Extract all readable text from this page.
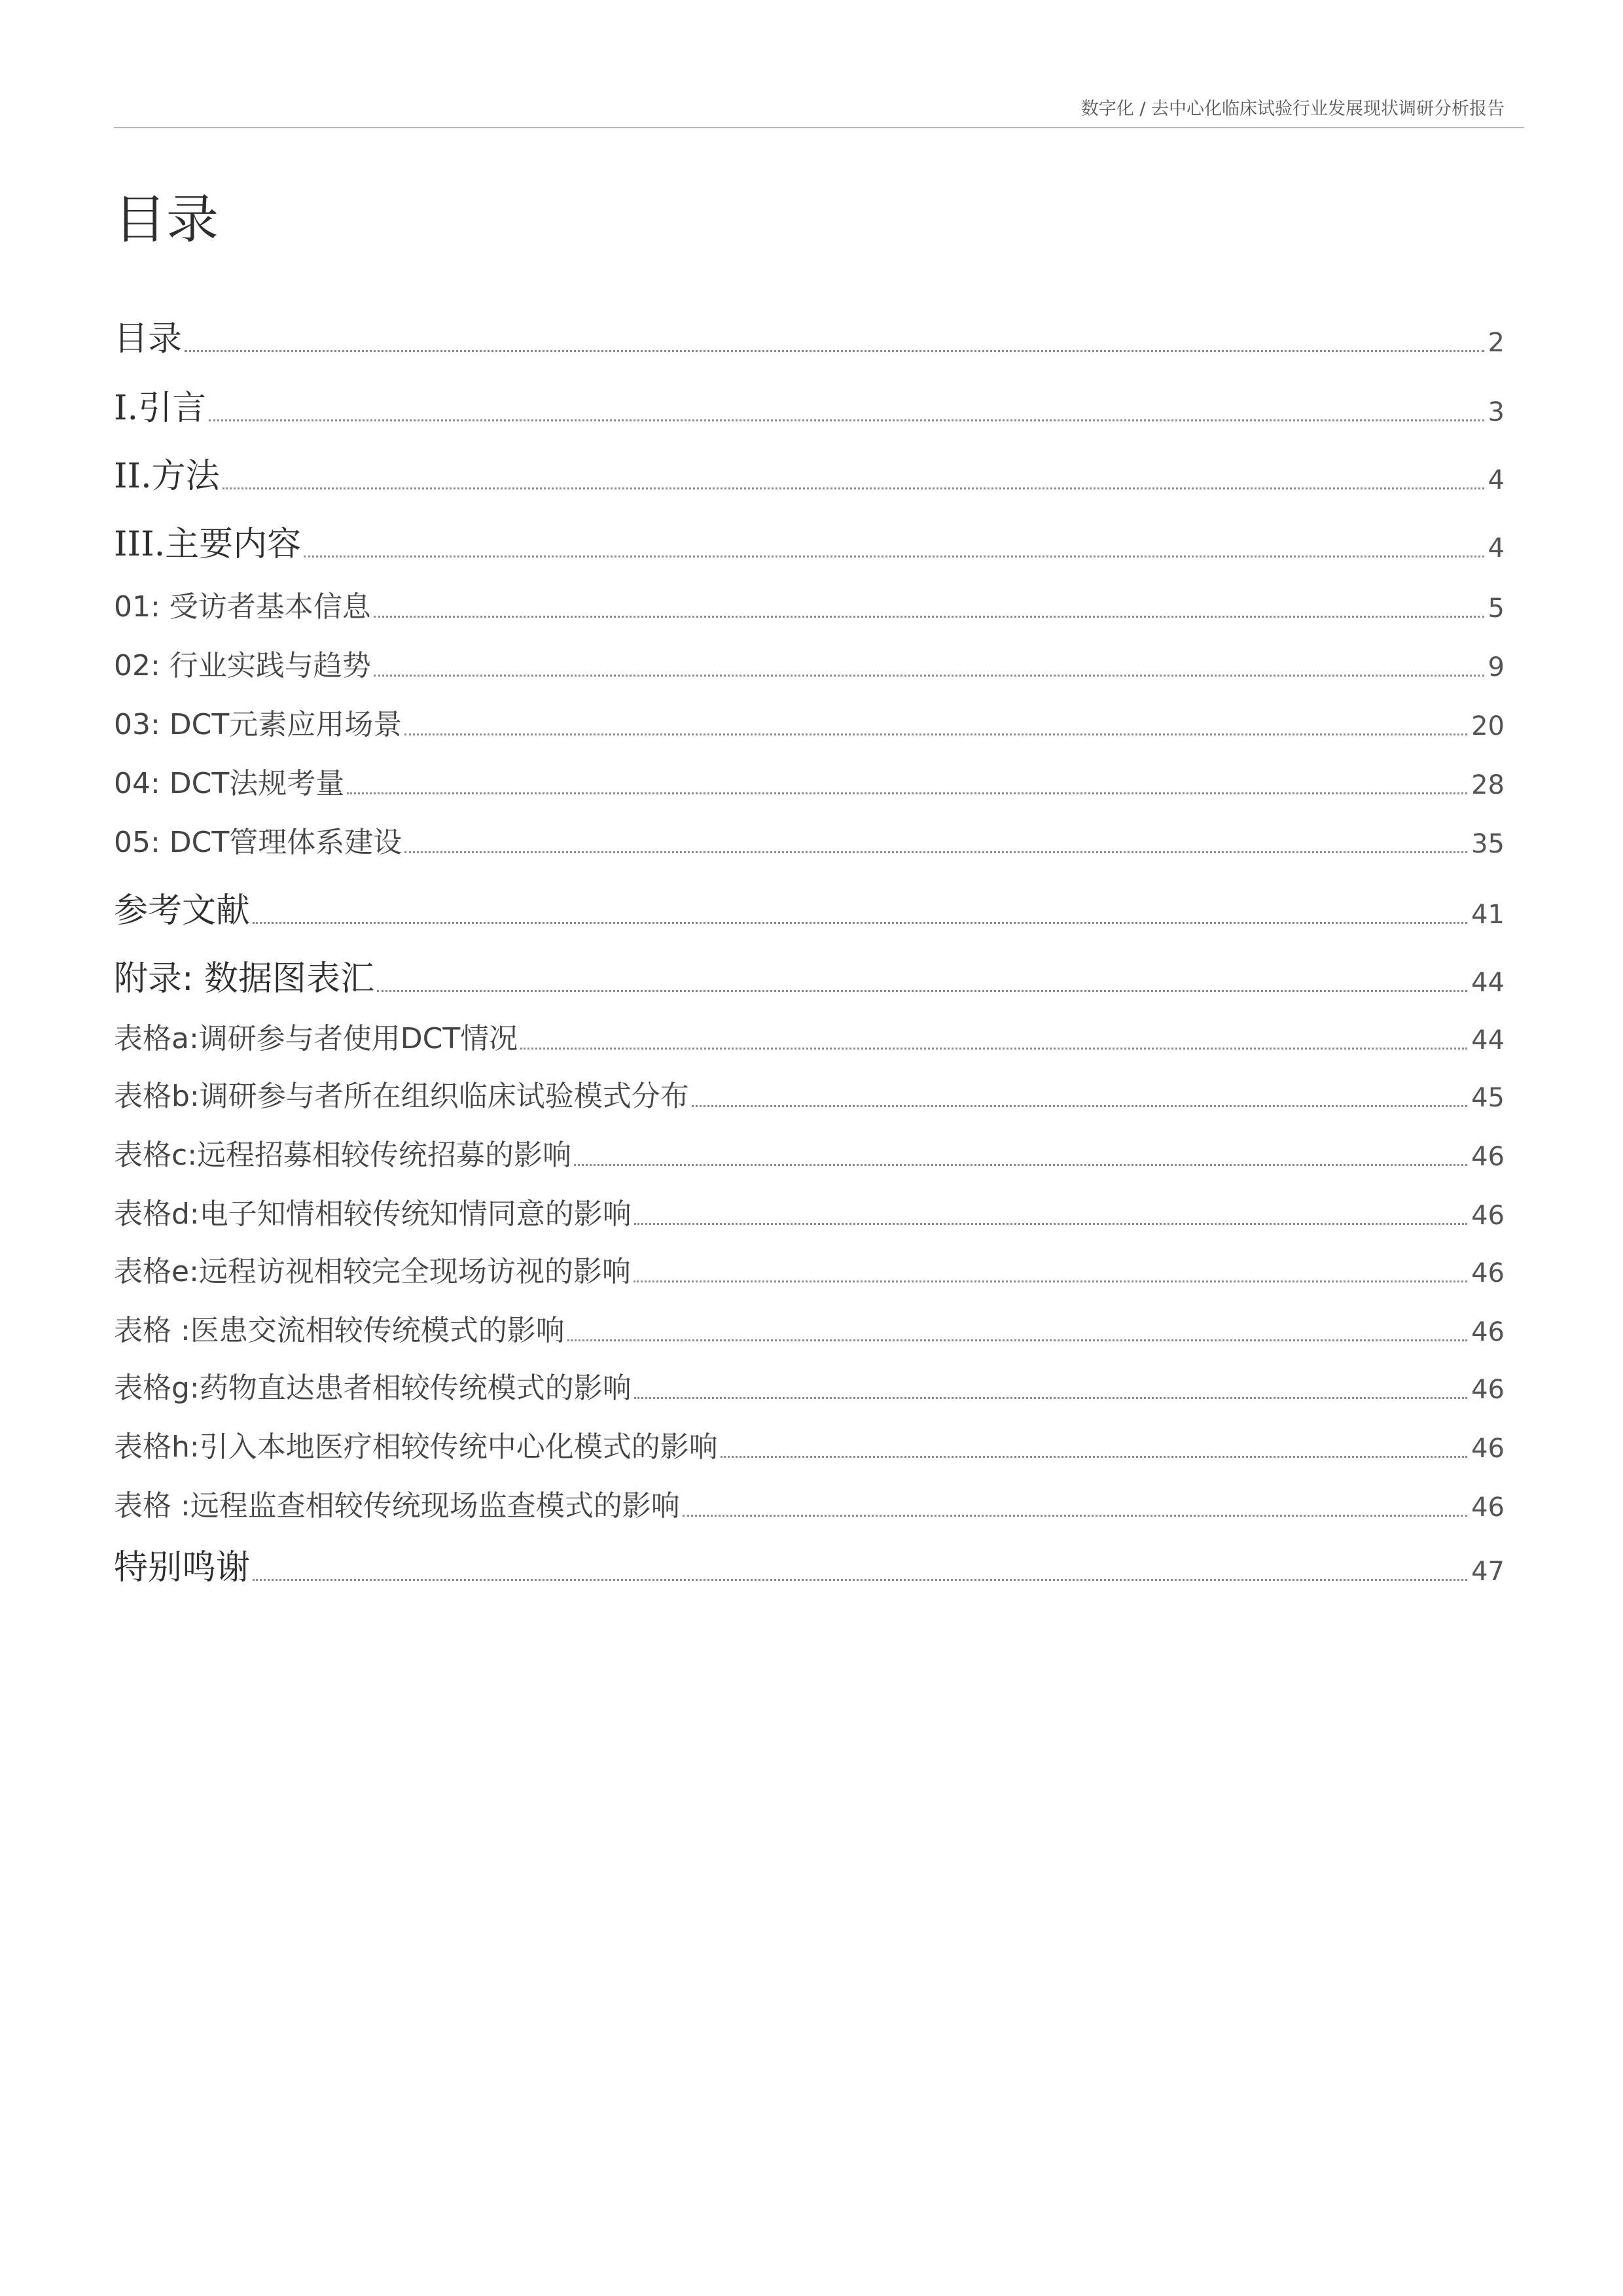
数字化 / 去中心化临床试验行业发展现状调研分析报告
目录
目录	2
I.引言	3
II.方法	4
III.主要内容	4
01: 受访者基本信息	5
02: 行业实践与趋势	9
03: DCT元素应用场景	20
04: DCT法规考量	28
05: DCT管理体系建设	35
参考文献	41
附录: 数据图表汇	44
表格a:调研参与者使用DCT情况	44
表格b:调研参与者所在组织临床试验模式分布	45
表格c:远程招募相较传统招募的影响	46
表格d:电子知情相较传统知情同意的影响	46
表格e:远程访视相较完全现场访视的影响	46
表格 :医患交流相较传统模式的影响	46
表格g:药物直达患者相较传统模式的影响	46
表格h:引入本地医疗相较传统中心化模式的影响	46
表格 :远程监查相较传统现场监查模式的影响	46
特别鸣谢	47
